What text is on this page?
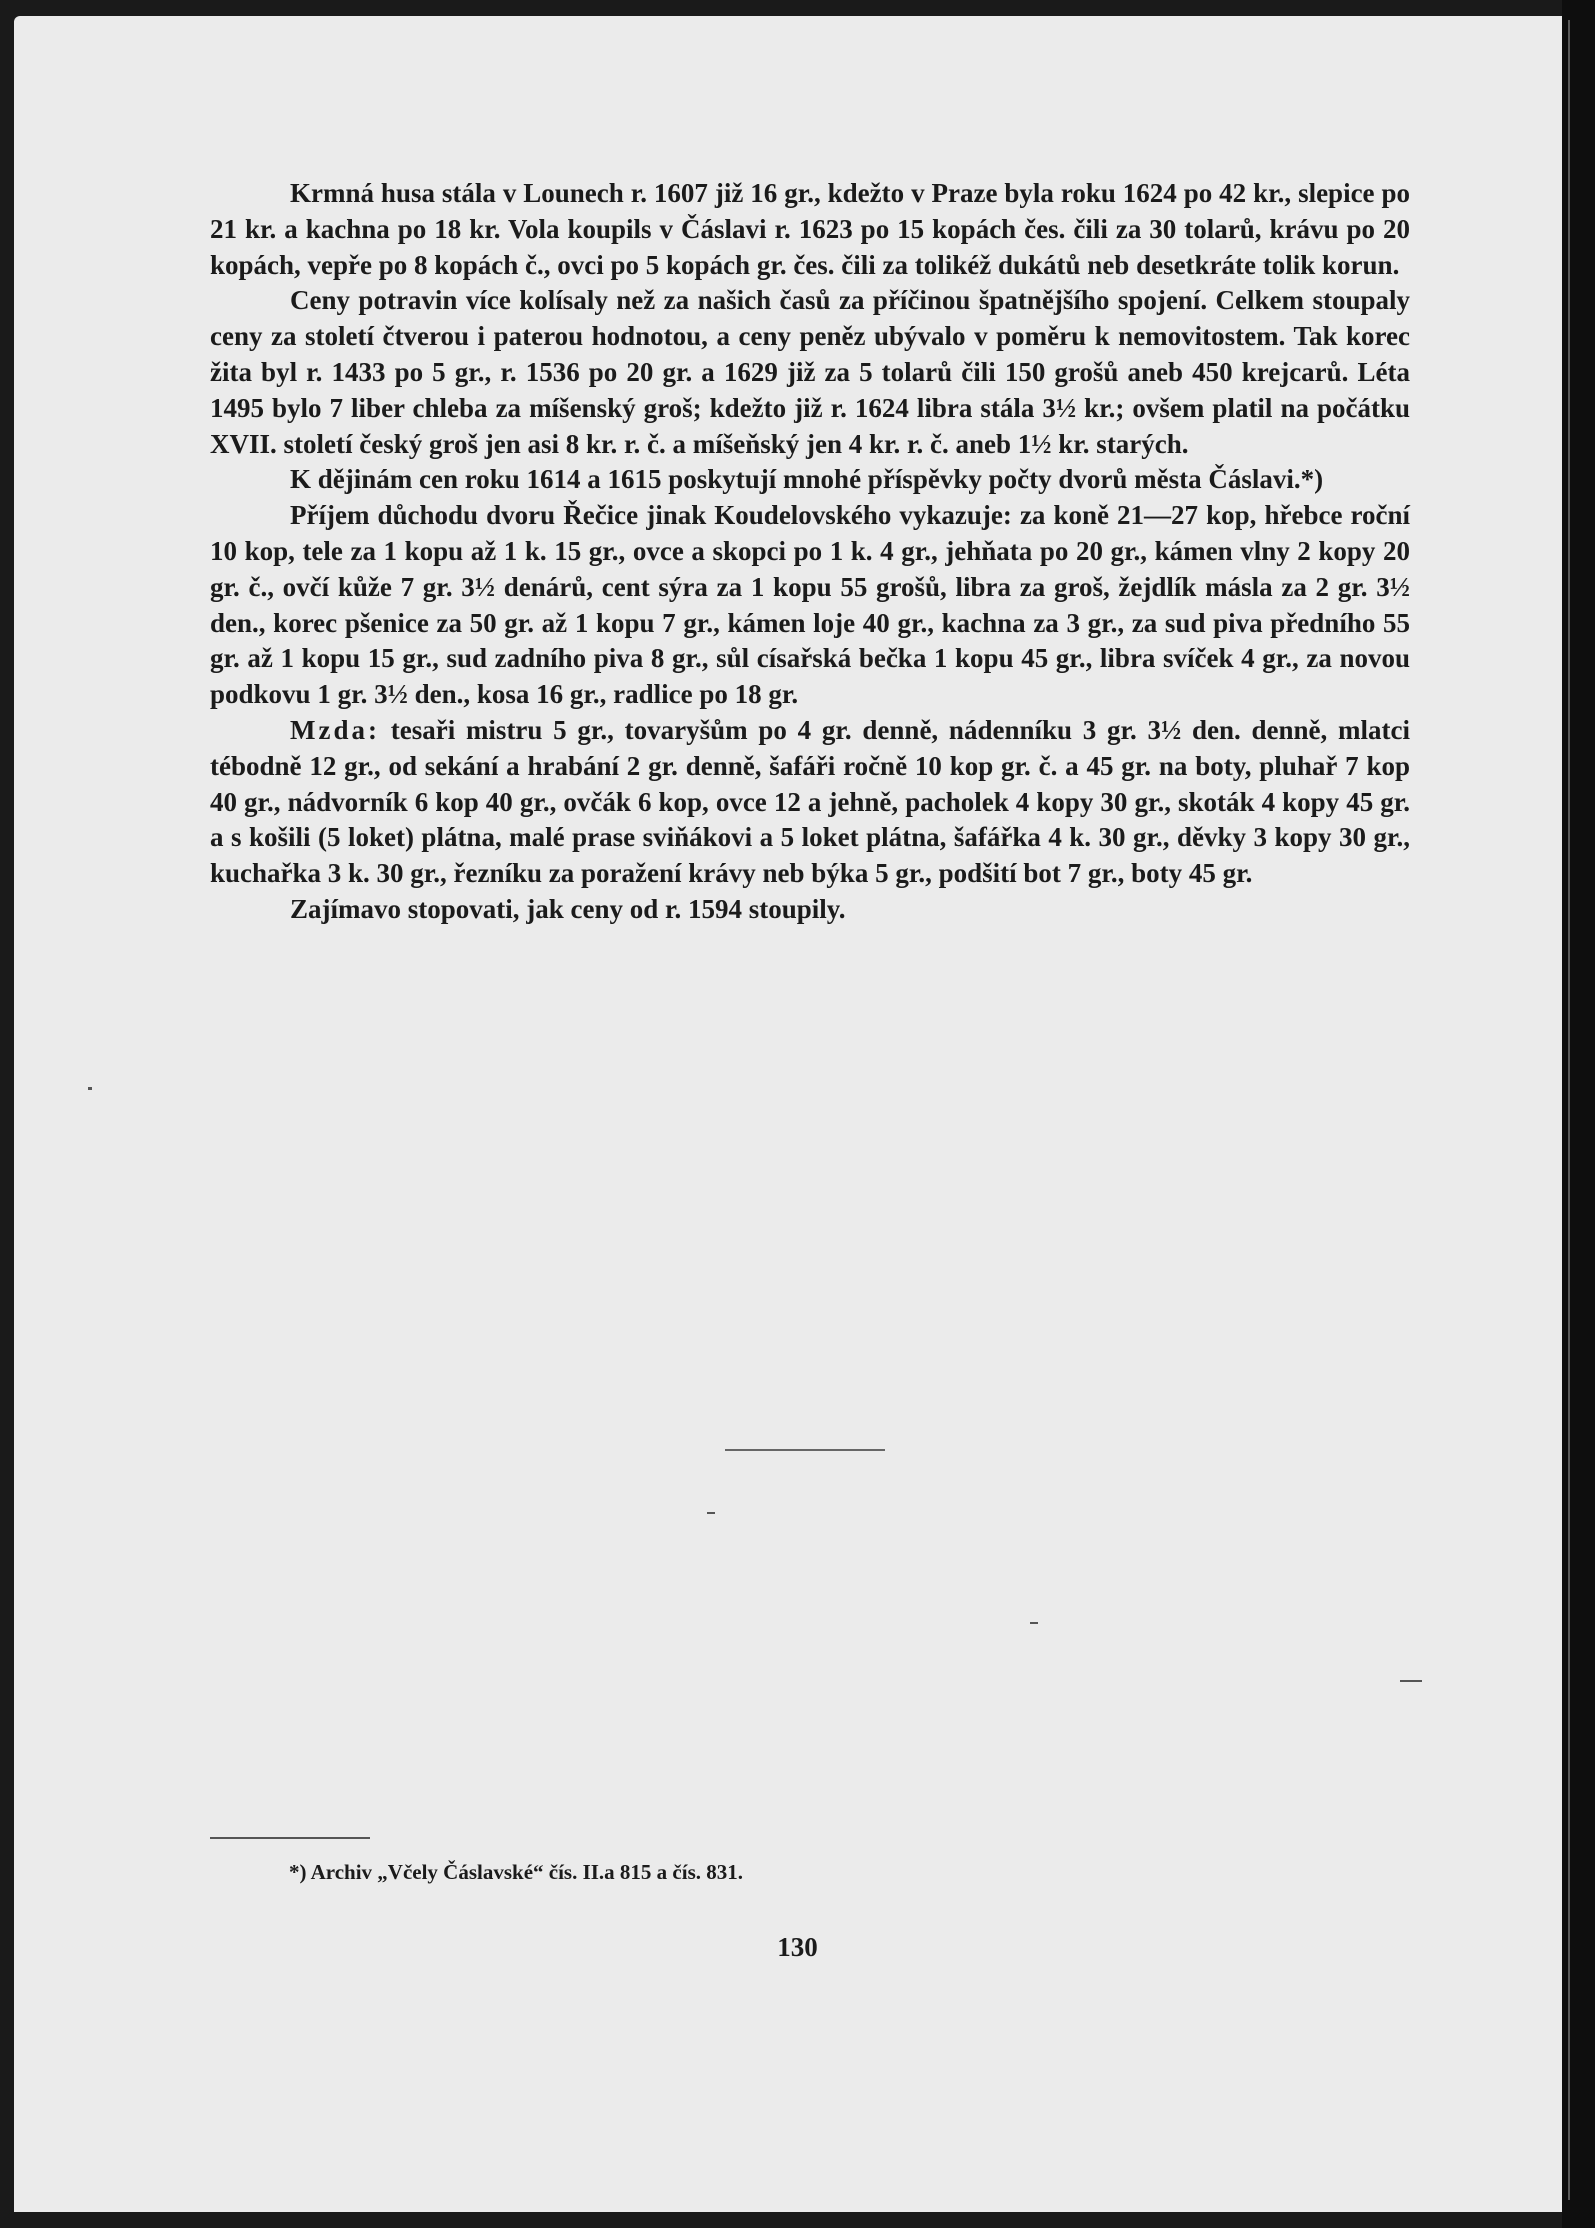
Krmná husa stála v Lounech r. 1607 již 16 gr., kdežto v Praze byla roku 1624 po 42 kr., slepice po 21 kr. a kachna po 18 kr. Vola koupils v Čáslavi r. 1623 po 15 kopách čes. čili za 30 tolarů, krávu po 20 kopách, vepře po 8 kopách č., ovci po 5 kopách gr. čes. čili za tolikéž dukátů neb desetkráte tolik korun.

Ceny potravin více kolísaly než za našich časů za příčinou špatnějšího spojení. Celkem stoupaly ceny za století čtverou i paterou hodnotou, a ceny peněz ubývalo v poměru k nemovitostem. Tak korec žita byl r. 1433 po 5 gr., r. 1536 po 20 gr. a 1629 již za 5 tolarů čili 150 grošů aneb 450 krejcarů. Léta 1495 bylo 7 liber chleba za míšenský groš; kdežto již r. 1624 libra stála 3½ kr.; ovšem platil na počátku XVII. století český groš jen asi 8 kr. r. č. a míšeňský jen 4 kr. r. č. aneb 1½ kr. starých.

K dějinám cen roku 1614 a 1615 poskytují mnohé příspěvky počty dvorů města Čáslavi.*)

Příjem důchodu dvoru Řečice jinak Koudelovského vykazuje: za koně 21—27 kop, hřebce roční 10 kop, tele za 1 kopu až 1 k. 15 gr., ovce a skopci po 1 k. 4 gr., jehňata po 20 gr., kámen vlny 2 kopy 20 gr. č., ovčí kůže 7 gr. 3½ denárů, cent sýra za 1 kopu 55 grošů, libra za groš, žejdlík másla za 2 gr. 3½ den., korec pšenice za 50 gr. až 1 kopu 7 gr., kámen loje 40 gr., kachna za 3 gr., za sud piva předního 55 gr. až 1 kopu 15 gr., sud zadního piva 8 gr., sůl císařská bečka 1 kopu 45 gr., libra svíček 4 gr., za novou podkovu 1 gr. 3½ den., kosa 16 gr., radlice po 18 gr.

Mzda: tesaři mistru 5 gr., tovaryšům po 4 gr. denně, nádenníku 3 gr. 3½ den. denně, mlatci tébodně 12 gr., od sekání a hrabání 2 gr. denně, šafáři ročně 10 kop gr. č. a 45 gr. na boty, pluhař 7 kop 40 gr., nádvorník 6 kop 40 gr., ovčák 6 kop, ovce 12 a jehně, pacholek 4 kopy 30 gr., skoták 4 kopy 45 gr. a s košili (5 loket) plátna, malé prase sviňákovi a 5 loket plátna, šafářka 4 k. 30 gr., děvky 3 kopy 30 gr., kuchařka 3 k. 30 gr., řezníku za poražení krávy neb býka 5 gr., podšití bot 7 gr., boty 45 gr.

Zajímavo stopovati, jak ceny od r. 1594 stoupily.

*) Archiv „Včely Čáslavské“ čís. II.a 815 a čís. 831.
130
